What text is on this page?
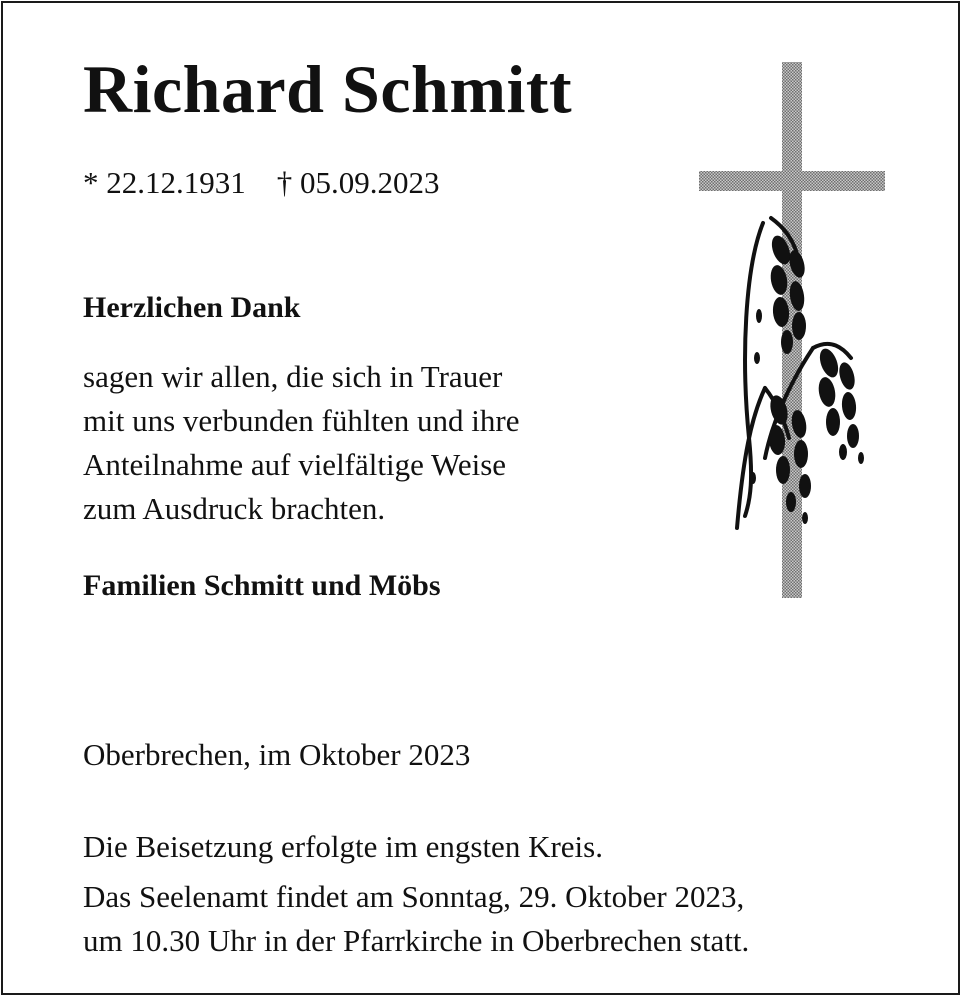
Richard Schmitt

* 22.12.1931    † 05.09.2023

Herzlichen Dank

sagen wir allen, die sich in Trauer
mit uns verbunden fühlten und ihre
Anteilnahme auf vielfältige Weise
zum Ausdruck brachten.

Familien Schmitt und Möbs

Oberbrechen, im Oktober 2023

Die Beisetzung erfolgte im engsten Kreis.
Das Seelenamt findet am Sonntag, 29. Oktober 2023,
um 10.30 Uhr in der Pfarrkirche in Oberbrechen statt.
